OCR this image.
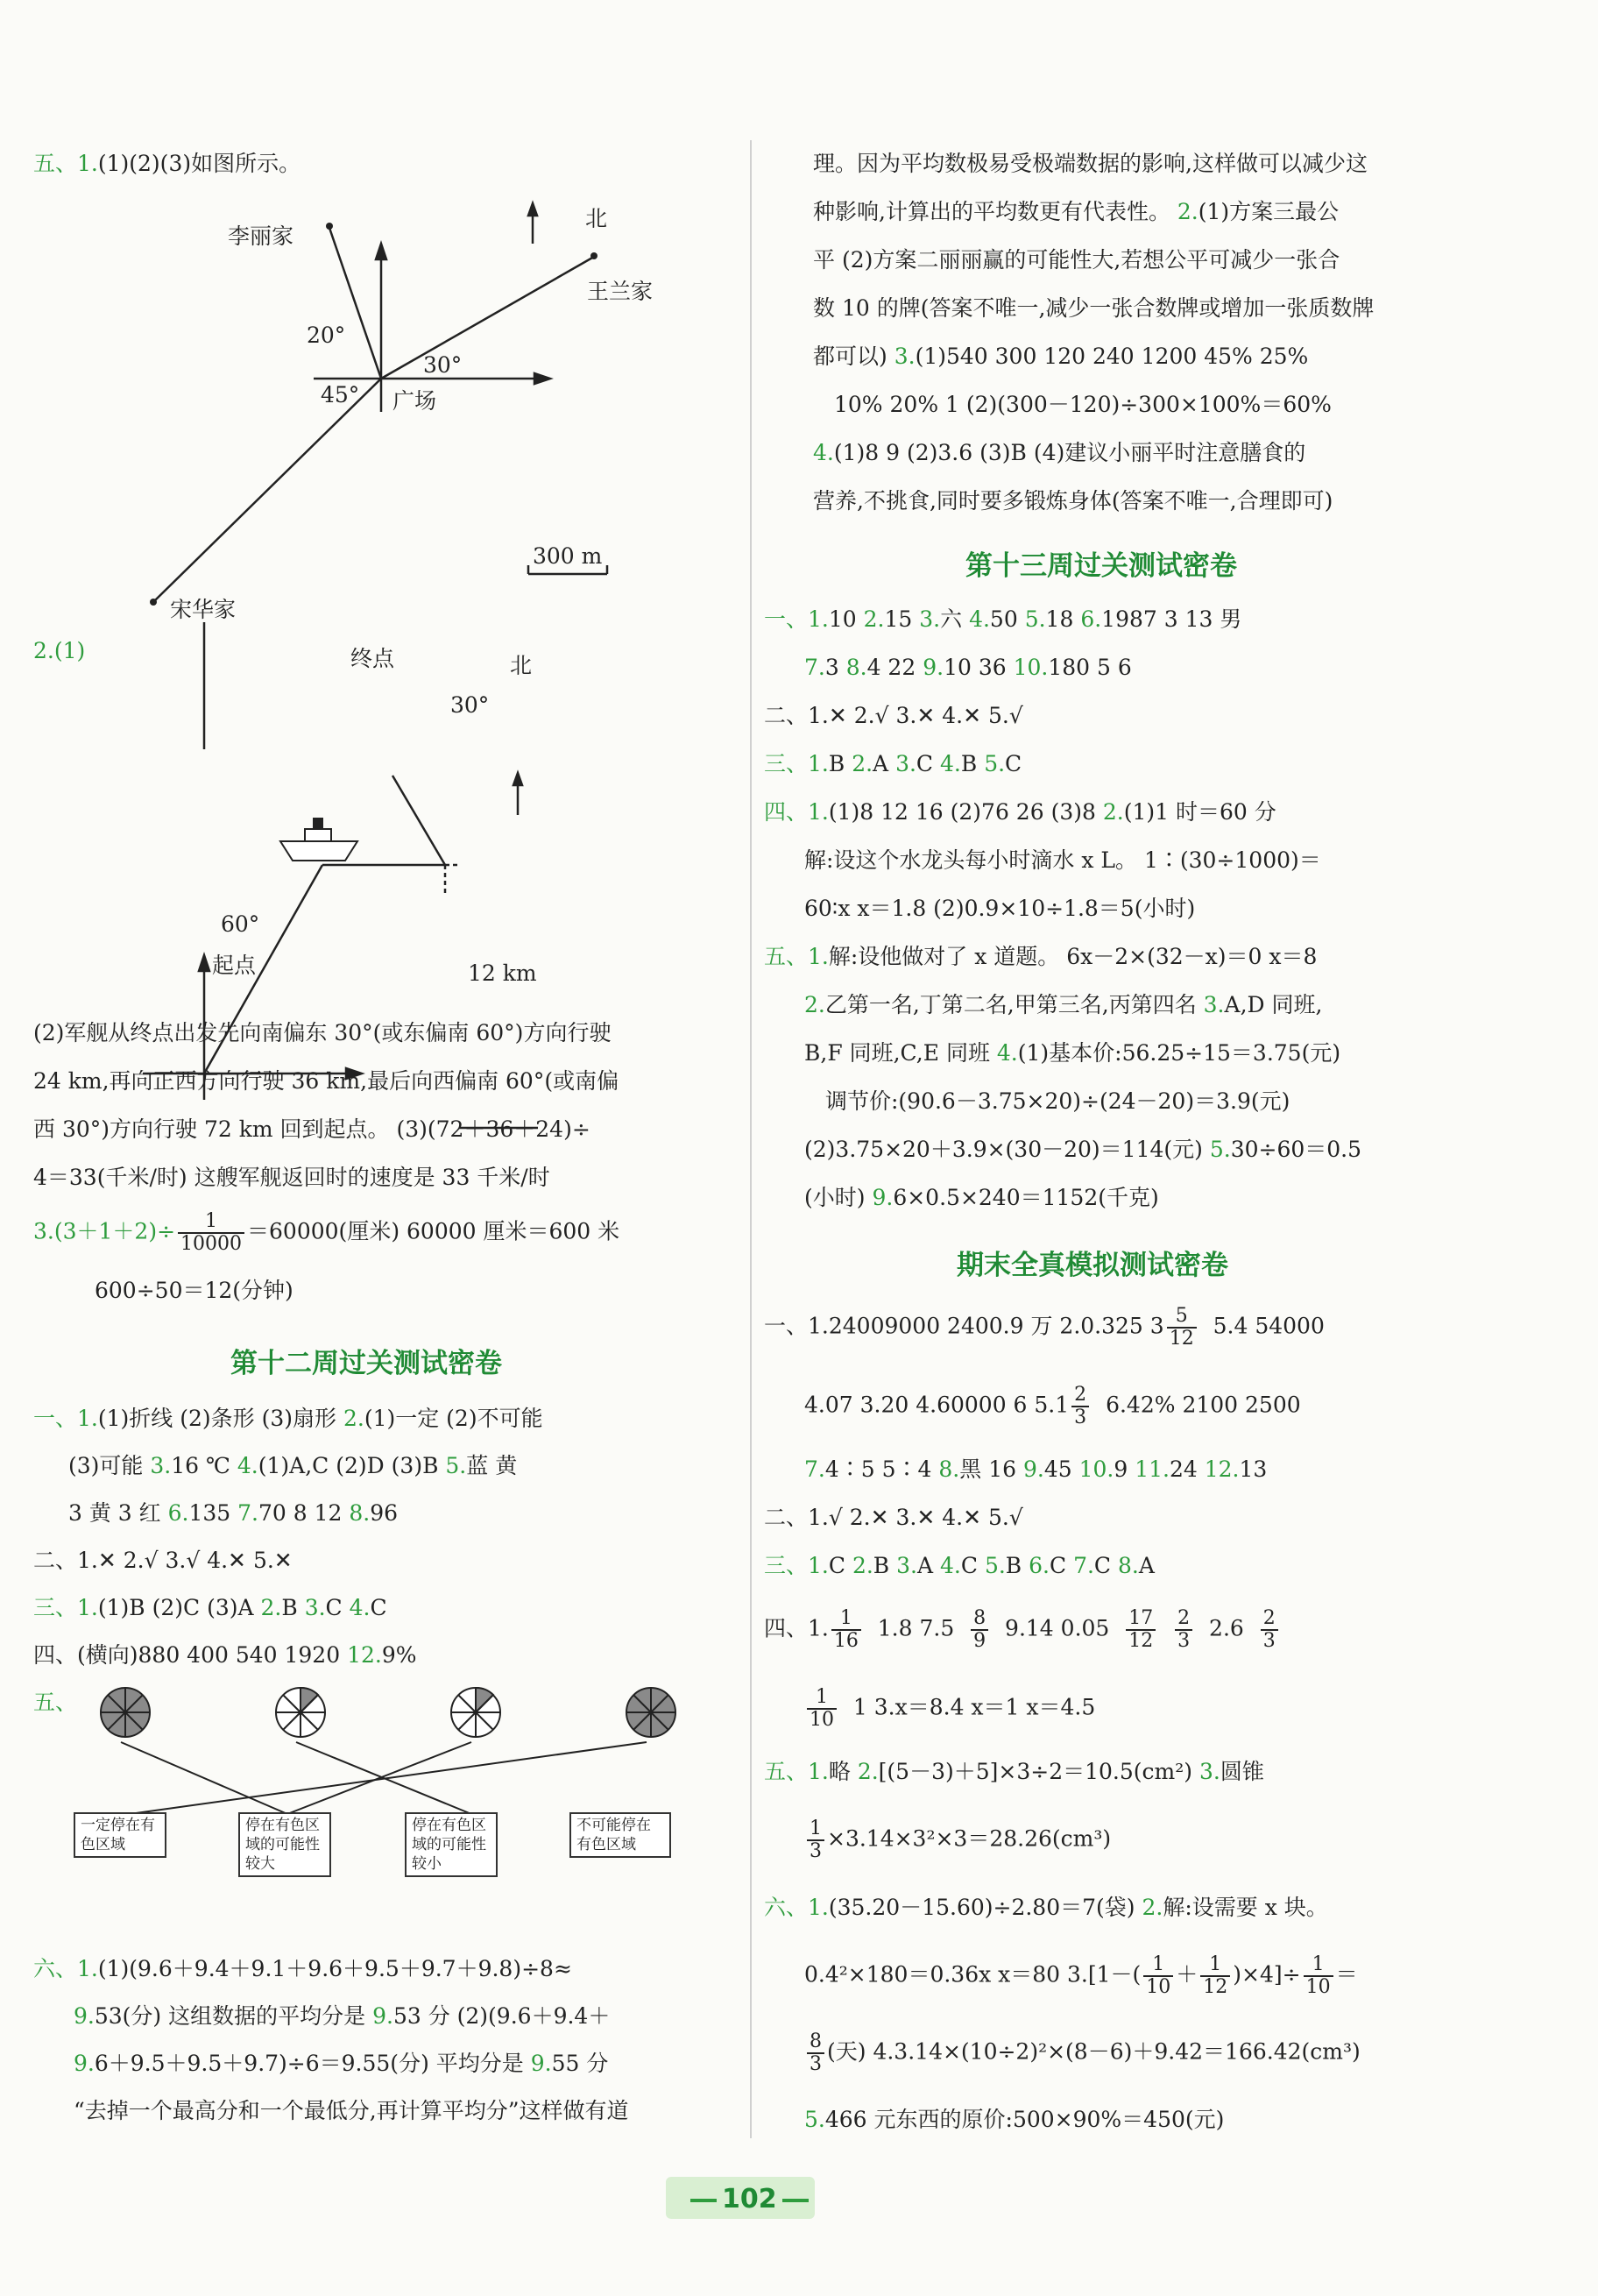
五、1.(1)(2)(3)如图所示。
李丽家
北
王兰家
20°
30°
45° 广场
宋华家
300 m
2.(1)	终点	北
30°
60°
起点	12 km
(2)军舰从终点出发先向南偏东 30°(或东偏南 60°)方向行驶
24 km,再向正西方向行驶 36 km,最后向西偏南 60°(或南偏
西 30°)方向行驶 72 km 回到起点。 (3)(72＋36＋24)÷
4＝33(千米/时) 这艘军舰返回时的速度是 33 千米/时
$3.(3+1+2)\div \frac{1}{10000} =60000$(厘米) 60000 厘米＝600 米
600÷50＝12(分钟)
第十二周过关测试密卷
一、1.(1)折线 (2)条形 (3)扇形 2.(1)一定 (2)不可能
(3)可能 3.16 ℃ 4.(1)A,C (2)D (3)B 5.蓝 黄
3 黄 3 红 6.135 7.70 8 12 8.96
二、1.✕ 2.√ 3.√ 4.✕ 5.✕
三、1.(1)B (2)C (3)A 2.B 3.C 4.C
四、(横向)880 400 540 1920 12.9%
五、
一定停在有色区域
停在有色区域的可能性较大
停在有色区域的可能性较小
不可能停在有色区域
六、1.(1)(9.6＋9.4＋9.1＋9.6＋9.5＋9.7＋9.8)÷8≈
9.53(分) 这组数据的平均分是 9.53 分 (2)(9.6＋9.4＋
9.6＋9.5＋9.5＋9.7)÷6＝9.55(分) 平均分是 9.55 分
“去掉一个最高分和一个最低分,再计算平均分”这样做有道
理。因为平均数极易受极端数据的影响,这样做可以减少这
种影响,计算出的平均数更有代表性。 2.(1)方案三最公
平 (2)方案二丽丽赢的可能性大,若想公平可减少一张合
数 10 的牌(答案不唯一,减少一张合数牌或增加一张质数牌
都可以) 3.(1)540 300 120 240 1200 45% 25%
10% 20% 1 (2)(300－120)÷300×100%＝60%
4.(1)8 9 (2)3.6 (3)B (4)建议小丽平时注意膳食的
营养,不挑食,同时要多锻炼身体(答案不唯一,合理即可)
第十三周过关测试密卷
一、1.10 2.15 3.六 4.50 5.18 6.1987 3 13 男
7.3 8.4 22 9.10 36 10.180 5 6
二、1.✕ 2.√ 3.✕ 4.✕ 5.√
三、1.B 2.A 3.C 4.B 5.C
四、1.(1)8 12 16 (2)76 26 (3)8 2.(1)1 时＝60 分
解:设这个水龙头每小时滴水 x L。 1∶(30÷1000)＝
60∶x x＝1.8 (2)0.9×10÷1.8＝5(小时)
五、1.解:设他做对了 x 道题。 6x－2×(32－x)＝0 x＝8
2.乙第一名,丁第二名,甲第三名,丙第四名 3.A,D 同班,
B,F 同班,C,E 同班 4.(1)基本价:56.25÷15＝3.75(元)
调节价:(90.6－3.75×20)÷(24－20)＝3.9(元)
(2)3.75×20＋3.9×(30－20)＝114(元) 5.30÷60＝0.5
(小时) 9.6×0.5×240＝1152(千克)
期末全真模拟测试密卷
一、1.24009000 2400.9 万 2.0.325 $3 \frac{5}{12} 5.4$ 54000
4.07 3.20 4.60000 6 $5.1 \frac{2}{3} 6.42\%$ 2100 2500
7.4∶5 5∶4 8.黑 16 9.45 10.9 11.24 12.13
二、1.√ 2.✕ 3.✕ 4.✕ 5.√
三、1.C 2.B 3.A 4.C 5.B 6.C 7.C 8.A
四、1. $\frac{1}{16} 1.8$ $7.5 \frac{8}{9} 9.14$ $0.05 \frac{17}{12}$
$\frac{2}{3} 2.6 \frac{2}{3}$
$\frac{1}{10} 1$ 3.x＝8.4 x＝1 x＝4.5
五、1.略 2.[(5－3)＋5]×3÷2＝10.5(cm²) 3.圆锥
$\frac{1}{3} \times 3.14\times 3^2\times 3=28.26(cm^3)$
六、1.(35.20－15.60)÷2.80＝7(袋) 2.解:设需要 x 块。
0.4²×180＝0.36x x＝80 $3.[1-( \frac{1}{10} + \frac{1}{12} )\times 4]\div \frac{1}{10}$ ＝
$\frac{8}{3}$ (天) 4.3.14×(10÷2)²×(8－6)＋9.42＝166.42(cm³)
5.466 元东西的原价:500×90%＝450(元)
102
